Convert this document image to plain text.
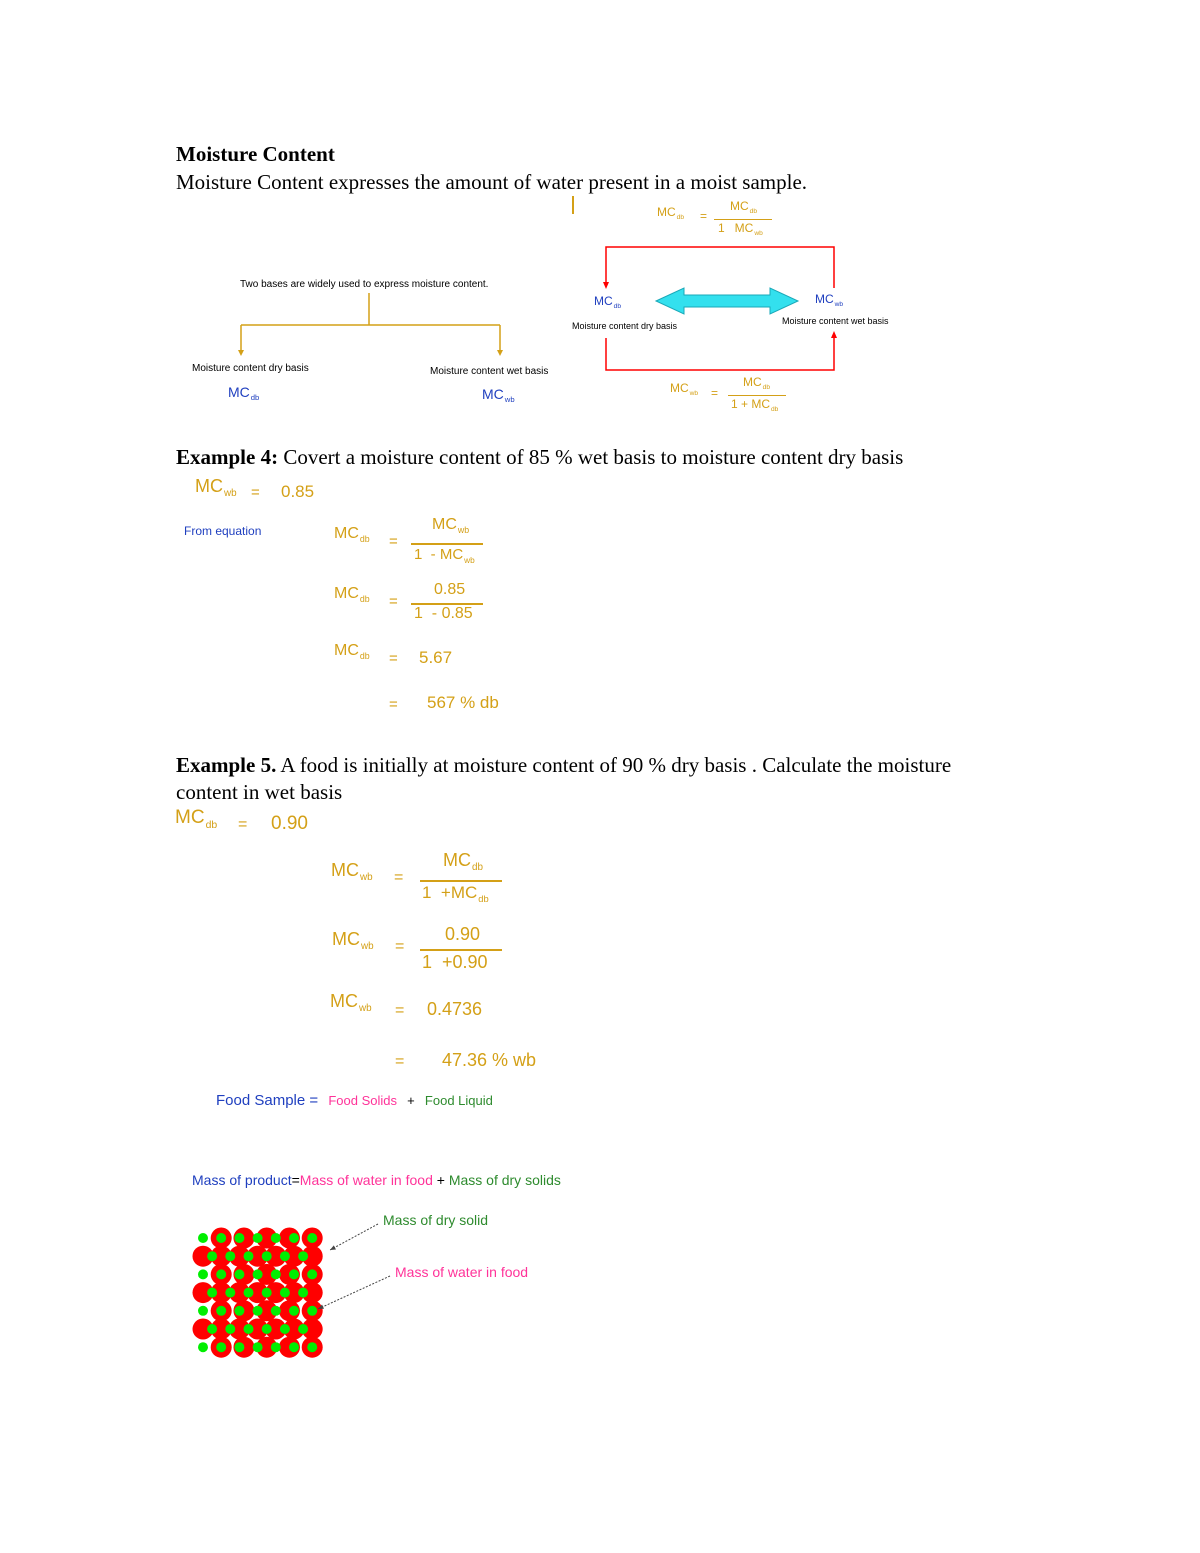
Moisture Content
Moisture Content expresses the amount of water present in a moist sample.
Two bases are widely used to express moisture content.
Moisture content dry basis
$MC_{db}$
Moisture content wet basis
$MC_{wb}$
$MC_{db}$ =
$MC_{db}$
1   $MC_{wb}$
$MC_{db}$
Moisture content dry basis
$MC_{wb}$
Moisture content wet basis
$MC_{wb}$ =
$MC_{db}$
$1 + MC_{db}$
Example 4: Covert a moisture content of 85 % wet basis to moisture content dry basis
$MC_{wb} = 0.85$
From equation	$MC_{db}$ =
$MC_{wb}$
$1 - MC_{wb}$
$MC_{db}$ =
0.85
1  - 0.85
$MC_{db} = 5.67$
= 567 % db
Example 5. A food is initially at moisture content of 90 % dry basis . Calculate the moisture
content in wet basis
$MC_{db} = 0.90$
$MC_{wb}$ =
$MC_{db}$
$1 +MC_{db}$
$MC_{wb}$ =
0.90
1  +0.90
$MC_{wb} = 0.4736$
= 47.36 % wb
Food Sample = Food Solids + Food Liquid
Mass of product=Mass of water in food + Mass of dry solids
Mass of dry solid
Mass of water in food
